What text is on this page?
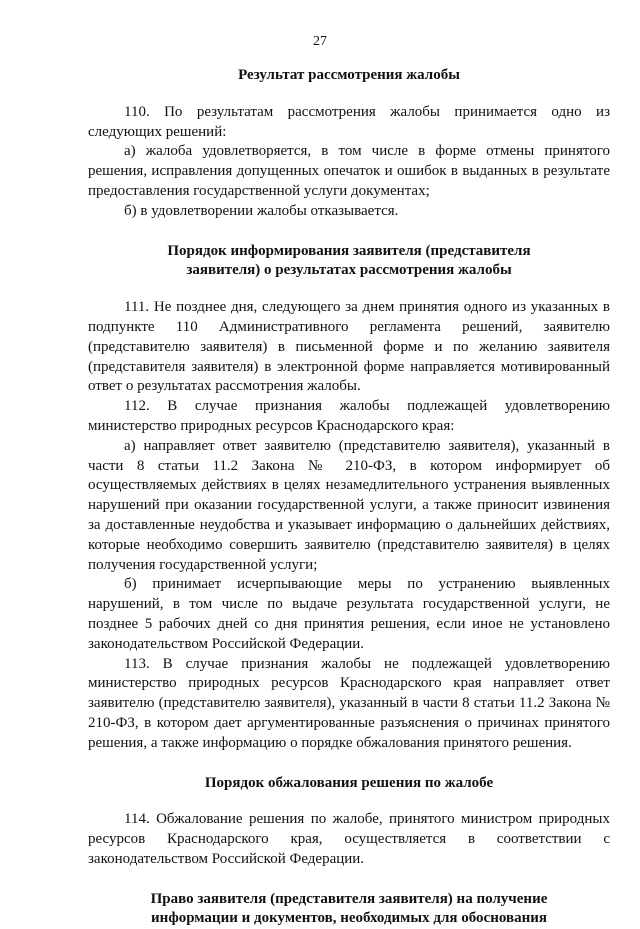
27
Результат рассмотрения жалобы

110. По результатам рассмотрения жалобы принимается одно из следующих решений:

а) жалоба удовлетворяется, в том числе в форме отмены принятого решения, исправления допущенных опечаток и ошибок в выданных в результате предоставления государственной услуги документах;

б) в удовлетворении жалобы отказывается.

Порядок информирования заявителя (представителя
заявителя) о результатах рассмотрения жалобы

111. Не позднее дня, следующего за днем принятия одного из указанных в подпункте 110 Административного регламента решений, заявителю (представителю заявителя) в письменной форме и по желанию заявителя (представителя заявителя) в электронной форме направляется мотивированный ответ о результатах рассмотрения жалобы.

112. В случае признания жалобы подлежащей удовлетворению министерство природных ресурсов Краснодарского края:

а) направляет ответ заявителю (представителю заявителя), указанный в части 8 статьи 11.2 Закона № 210-ФЗ, в котором информирует об осуществляемых действиях в целях незамедлительного устранения выявленных нарушений при оказании государственной услуги, а также приносит извинения за доставленные неудобства и указывает информацию о дальнейших действиях, которые необходимо совершить заявителю (представителю заявителя) в целях получения государственной услуги;

б) принимает исчерпывающие меры по устранению выявленных нарушений, в том числе по выдаче результата государственной услуги, не позднее 5 рабочих дней со дня принятия решения, если иное не установлено законодательством Российской Федерации.

113. В случае признания жалобы не подлежащей удовлетворению министерство природных ресурсов Краснодарского края направляет ответ заявителю (представителю заявителя), указанный в части 8 статьи 11.2 Закона № 210-ФЗ, в котором дает аргументированные разъяснения о причинах принятого решения, а также информацию о порядке обжалования принятого решения.

Порядок обжалования решения по жалобе

114. Обжалование решения по жалобе, принятого министром природных ресурсов Краснодарского края, осуществляется в соответствии с законодательством Российской Федерации.

Право заявителя (представителя заявителя) на получение
информации и документов, необходимых для обоснования
